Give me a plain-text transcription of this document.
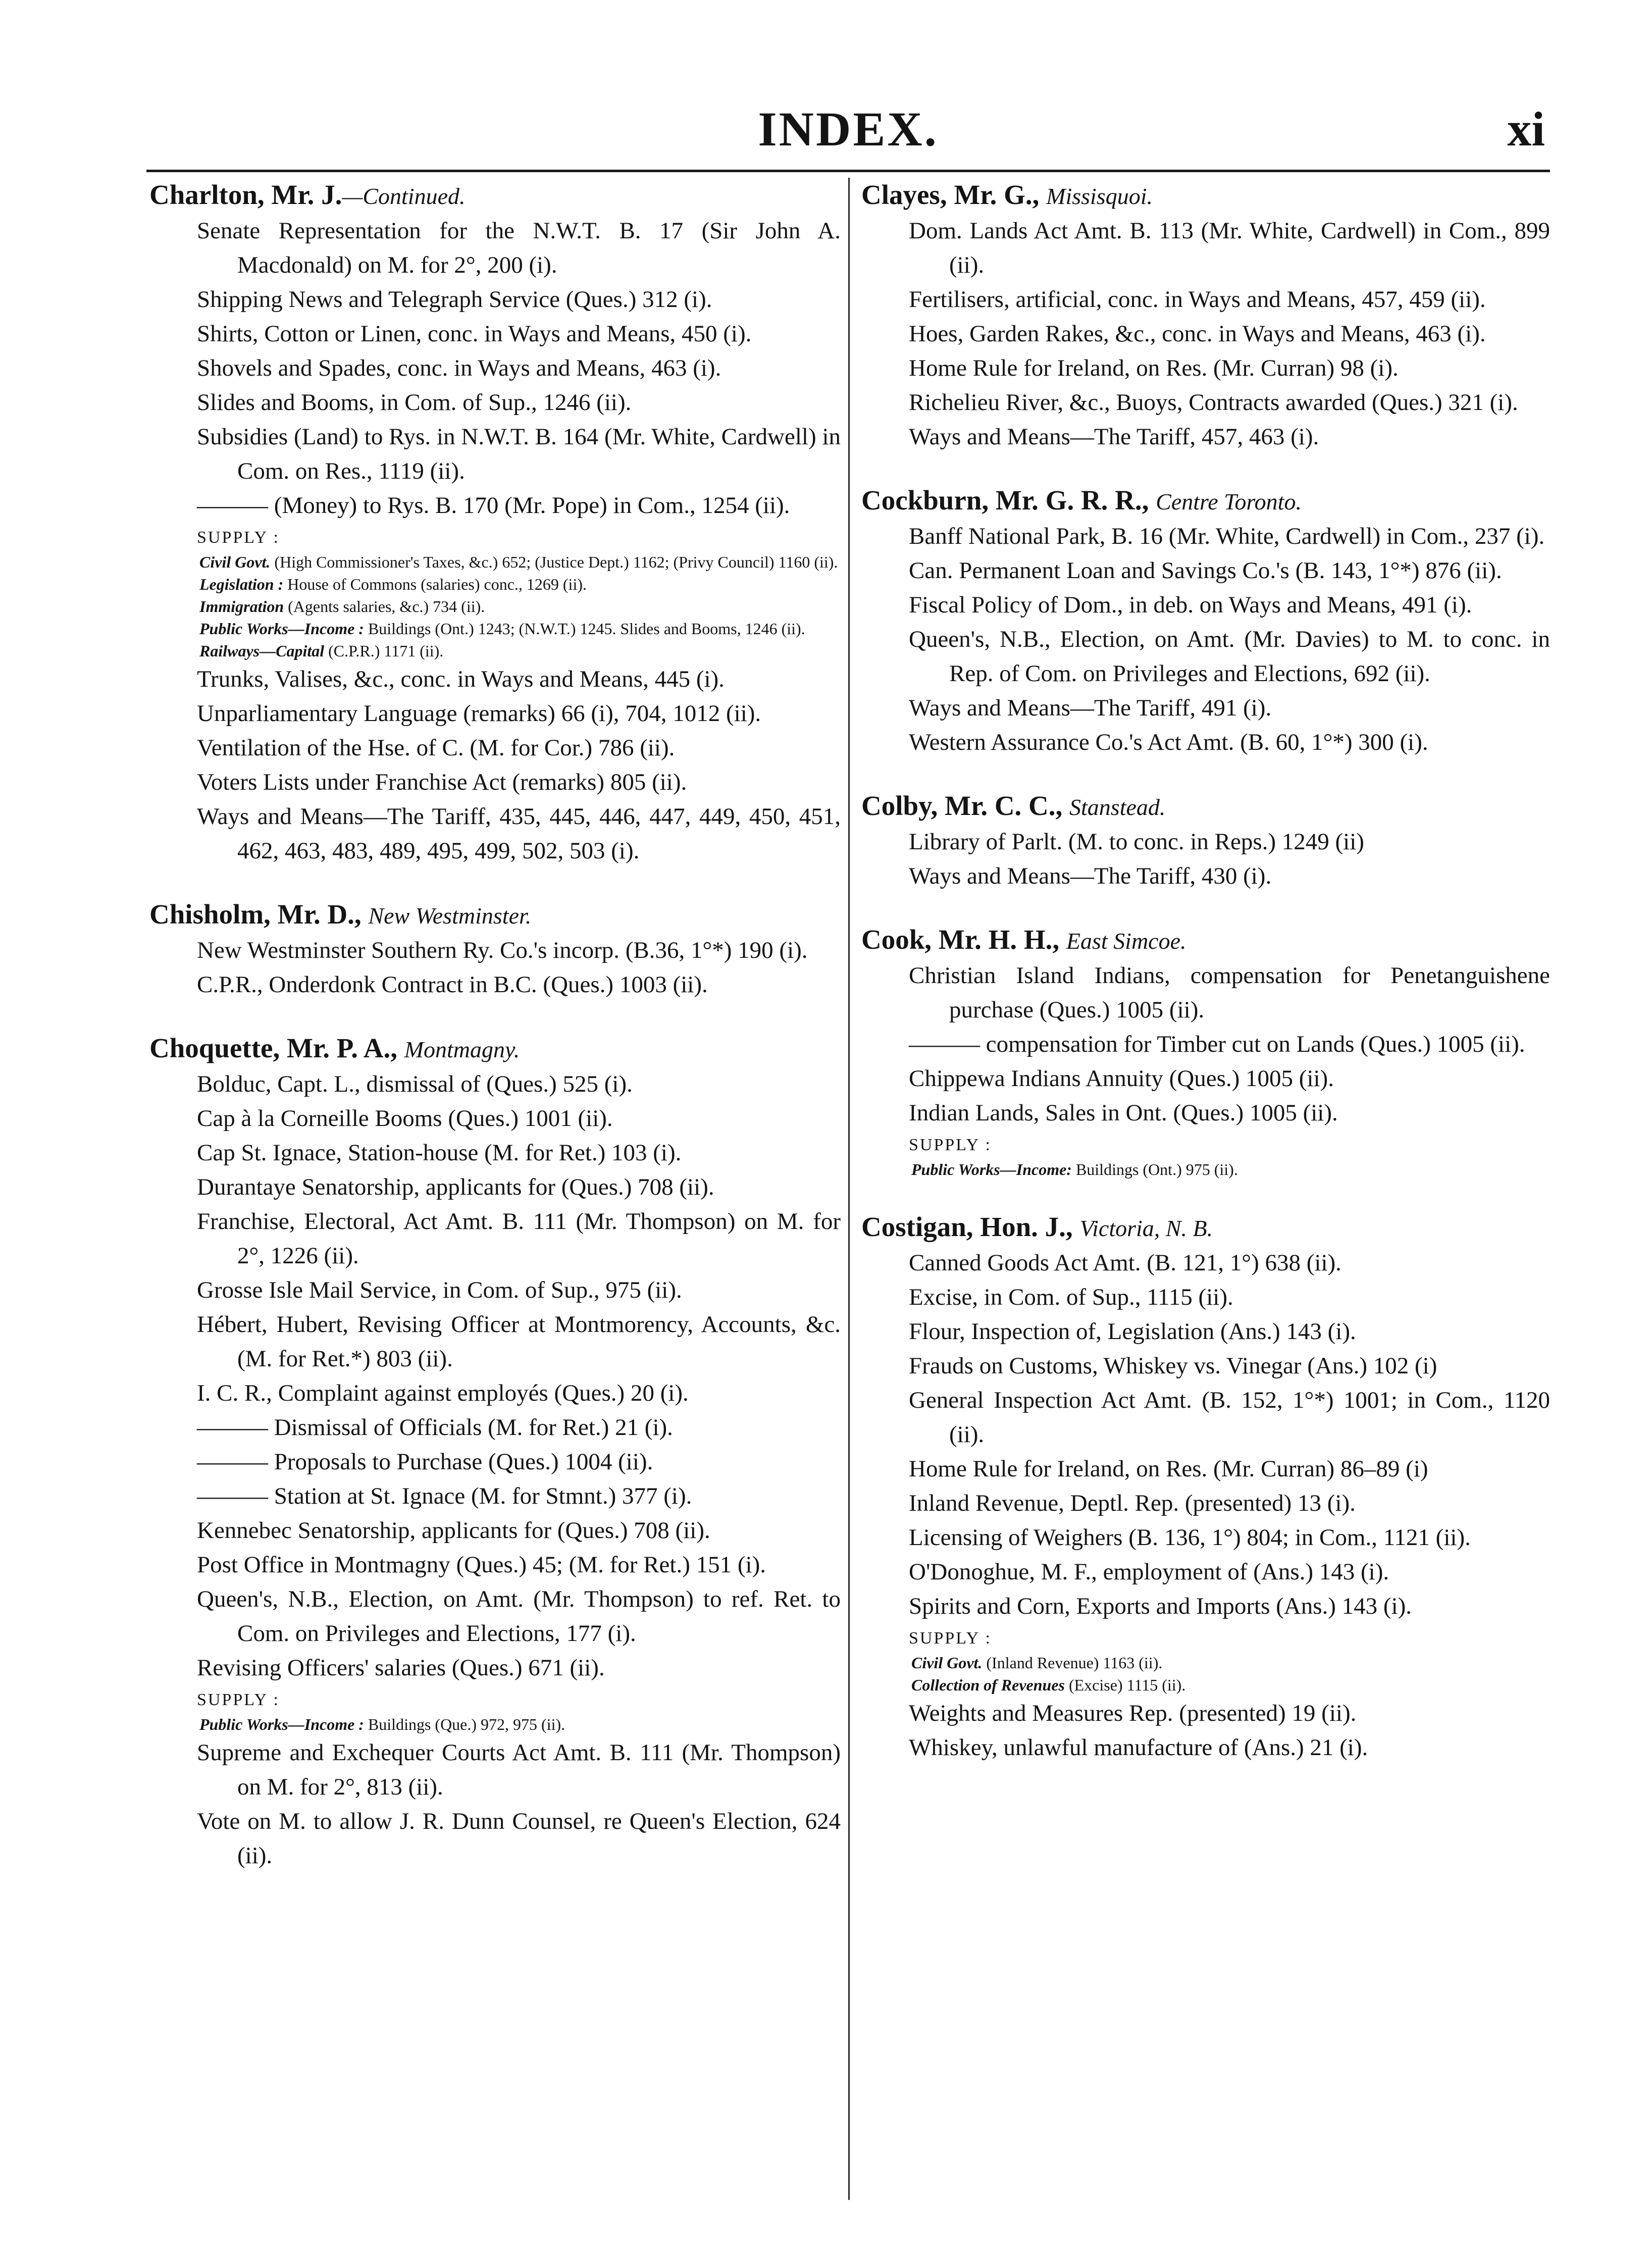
INDEX.	xi
Charlton, Mr. J.—Continued.
Senate Representation for the N.W.T. B. 17 (Sir John A. Macdonald) on M. for 2°, 200 (i).
Shipping News and Telegraph Service (Ques.) 312 (i).
Shirts, Cotton or Linen, conc. in Ways and Means, 450 (i).
Shovels and Spades, conc. in Ways and Means, 463 (i).
Slides and Booms, in Com. of Sup., 1246 (ii).
Subsidies (Land) to Rys. in N.W.T. B. 164 (Mr. White, Cardwell) in Com. on Res., 1119 (ii).
——— (Money) to Rys. B. 170 (Mr. Pope) in Com., 1254 (ii).
SUPPLY :
Civil Govt. (High Commissioner's Taxes, &c.) 652; (Justice Dept.) 1162; (Privy Council) 1160 (ii).
Legislation : House of Commons (salaries) conc., 1269 (ii).
Immigration (Agents salaries, &c.) 734 (ii).
Public Works—Income : Buildings (Ont.) 1243; (N.W.T.) 1245. Slides and Booms, 1246 (ii).
Railways—Capital (C.P.R.) 1171 (ii).
Trunks, Valises, &c., conc. in Ways and Means, 445 (i).
Unparliamentary Language (remarks) 66 (i), 704, 1012 (ii).
Ventilation of the Hse. of C. (M. for Cor.) 786 (ii).
Voters Lists under Franchise Act (remarks) 805 (ii).
Ways and Means—The Tariff, 435, 445, 446, 447, 449, 450, 451, 462, 463, 483, 489, 495, 499, 502, 503 (i).
Chisholm, Mr. D., New Westminster.
New Westminster Southern Ry. Co.'s incorp. (B.36, 1°*) 190 (i).
C.P.R., Onderdonk Contract in B.C. (Ques.) 1003 (ii).
Choquette, Mr. P. A., Montmagny.
Bolduc, Capt. L., dismissal of (Ques.) 525 (i).
Cap à la Corneille Booms (Ques.) 1001 (ii).
Cap St. Ignace, Station-house (M. for Ret.) 103 (i).
Durantaye Senatorship, applicants for (Ques.) 708 (ii).
Franchise, Electoral, Act Amt. B. 111 (Mr. Thompson) on M. for 2°, 1226 (ii).
Grosse Isle Mail Service, in Com. of Sup., 975 (ii).
Hébert, Hubert, Revising Officer at Montmorency, Accounts, &c. (M. for Ret.*) 803 (ii).
I. C. R., Complaint against employés (Ques.) 20 (i).
——— Dismissal of Officials (M. for Ret.) 21 (i).
——— Proposals to Purchase (Ques.) 1004 (ii).
——— Station at St. Ignace (M. for Stmnt.) 377 (i).
Kennebec Senatorship, applicants for (Ques.) 708 (ii).
Post Office in Montmagny (Ques.) 45; (M. for Ret.) 151 (i).
Queen's, N.B., Election, on Amt. (Mr. Thompson) to ref. Ret. to Com. on Privileges and Elections, 177 (i).
Revising Officers' salaries (Ques.) 671 (ii).
SUPPLY :
Public Works—Income : Buildings (Que.) 972, 975 (ii).
Supreme and Exchequer Courts Act Amt. B. 111 (Mr. Thompson) on M. for 2°, 813 (ii).
Vote on M. to allow J. R. Dunn Counsel, re Queen's Election, 624 (ii).
Clayes, Mr. G., Missisquoi.
Dom. Lands Act Amt. B. 113 (Mr. White, Cardwell) in Com., 899 (ii).
Fertilisers, artificial, conc. in Ways and Means, 457, 459 (ii).
Hoes, Garden Rakes, &c., conc. in Ways and Means, 463 (i).
Home Rule for Ireland, on Res. (Mr. Curran) 98 (i).
Richelieu River, &c., Buoys, Contracts awarded (Ques.) 321 (i).
Ways and Means—The Tariff, 457, 463 (i).
Cockburn, Mr. G. R. R., Centre Toronto.
Banff National Park, B. 16 (Mr. White, Cardwell) in Com., 237 (i).
Can. Permanent Loan and Savings Co.'s (B. 143, 1°*) 876 (ii).
Fiscal Policy of Dom., in deb. on Ways and Means, 491 (i).
Queen's, N.B., Election, on Amt. (Mr. Davies) to M. to conc. in Rep. of Com. on Privileges and Elections, 692 (ii).
Ways and Means—The Tariff, 491 (i).
Western Assurance Co.'s Act Amt. (B. 60, 1°*) 300 (i).
Colby, Mr. C. C., Stanstead.
Library of Parlt. (M. to conc. in Reps.) 1249 (ii)
Ways and Means—The Tariff, 430 (i).
Cook, Mr. H. H., East Simcoe.
Christian Island Indians, compensation for Penetanguishene purchase (Ques.) 1005 (ii).
——— compensation for Timber cut on Lands (Ques.) 1005 (ii).
Chippewa Indians Annuity (Ques.) 1005 (ii).
Indian Lands, Sales in Ont. (Ques.) 1005 (ii).
SUPPLY :
Public Works—Income: Buildings (Ont.) 975 (ii).
Costigan, Hon. J., Victoria, N. B.
Canned Goods Act Amt. (B. 121, 1°) 638 (ii).
Excise, in Com. of Sup., 1115 (ii).
Flour, Inspection of, Legislation (Ans.) 143 (i).
Frauds on Customs, Whiskey vs. Vinegar (Ans.) 102 (i)
General Inspection Act Amt. (B. 152, 1°*) 1001; in Com., 1120 (ii).
Home Rule for Ireland, on Res. (Mr. Curran) 86–89 (i)
Inland Revenue, Deptl. Rep. (presented) 13 (i).
Licensing of Weighers (B. 136, 1°) 804; in Com., 1121 (ii).
O'Donoghue, M. F., employment of (Ans.) 143 (i).
Spirits and Corn, Exports and Imports (Ans.) 143 (i).
SUPPLY :
Civil Govt. (Inland Revenue) 1163 (ii).
Collection of Revenues (Excise) 1115 (ii).
Weights and Measures Rep. (presented) 19 (ii).
Whiskey, unlawful manufacture of (Ans.) 21 (i).
